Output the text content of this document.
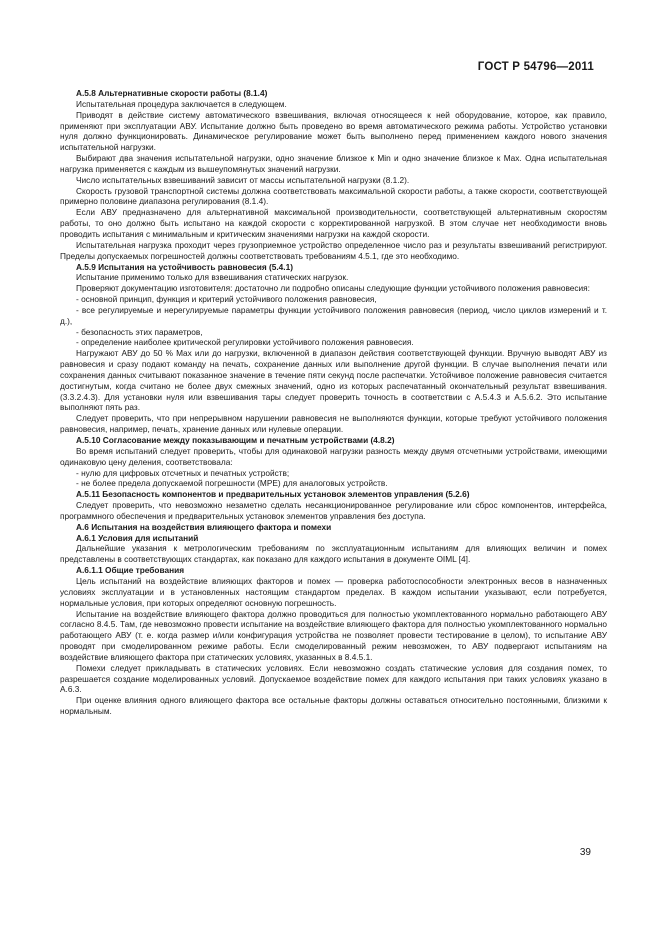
ГОСТ Р 54796—2011

A.5.8 Альтернативные скорости работы (8.1.4)

Испытательная процедура заключается в следующем.

Приводят в действие систему автоматического взвешивания, включая относящееся к ней оборудование, которое, как правило, применяют при эксплуатации АВУ. Испытание должно быть проведено во время автоматического режима работы. Устройство установки нуля должно функционировать. Динамическое регулирование может быть выполнено перед применением каждого нового значения испытательной нагрузки.

Выбирают два значения испытательной нагрузки, одно значение близкое к Min и одно значение близкое к Max. Одна испытательная нагрузка применяется с каждым из вышеупомянутых значений нагрузки.

Число испытательных взвешиваний зависит от массы испытательной нагрузки (8.1.2).

Скорость грузовой транспортной системы должна соответствовать максимальной скорости работы, а также скорости, соответствующей примерно половине диапазона регулирования (8.1.4).

Если АВУ предназначено для альтернативной максимальной производительности, соответствующей альтернативным скоростям работы, то оно должно быть испытано на каждой скорости с корректированной нагрузкой. В этом случае нет необходимости вновь проводить испытания с минимальным и критическим значениями нагрузки на каждой скорости.

Испытательная нагрузка проходит через грузоприемное устройство определенное число раз и результаты взвешиваний регистрируют. Пределы допускаемых погрешностей должны соответствовать требованиям 4.5.1, где это необходимо.

A.5.9 Испытания на устойчивость равновесия (5.4.1)

Испытание применимо только для взвешивания статических нагрузок.

Проверяют документацию изготовителя: достаточно ли подробно описаны следующие функции устойчивого положения равновесия:

- основной принцип, функция и критерий устойчивого положения равновесия,

- все регулируемые и нерегулируемые параметры функции устойчивого положения равновесия (период, число циклов измерений и т. д.),

- безопасность этих параметров,

- определение наиболее критической регулировки устойчивого положения равновесия.

Нагружают АВУ до 50 % Max или до нагрузки, включенной в диапазон действия соответствующей функции. Вручную выводят АВУ из равновесия и сразу подают команду на печать, сохранение данных или выполнение другой функции. В случае выполнения печати или сохранения данных считывают показанное значение в течение пяти секунд после распечатки. Устойчивое положение равновесия считается достигнутым, когда считано не более двух смежных значений, одно из которых распечатанный окончательный результат взвешивания. (3.3.2.4.3). Для установки нуля или взвешивания тары следует проверить точность в соответствии с А.5.4.3 и А.5.6.2. Это испытание выполняют пять раз.

Следует проверить, что при непрерывном нарушении равновесия не выполняются функции, которые требуют устойчивого положения равновесия, например, печать, хранение данных или нулевые операции.

A.5.10 Согласование между показывающим и печатным устройствами (4.8.2)

Во время испытаний следует проверить, чтобы для одинаковой нагрузки разность между двумя отсчетными устройствами, имеющими одинаковую цену деления, соответствовала:

- нулю для цифровых отсчетных и печатных устройств;

- не более предела допускаемой погрешности (MPE) для аналоговых устройств.

A.5.11 Безопасность компонентов и предварительных установок элементов управления (5.2.6)

Следует проверить, что невозможно незаметно сделать несанкционированное регулирование или сброс компонентов, интерфейса, программного обеспечения и предварительных установок элементов управления без доступа.

A.6 Испытания на воздействия влияющего фактора и помехи

A.6.1 Условия для испытаний

Дальнейшие указания к метрологическим требованиям по эксплуатационным испытаниям для влияющих величин и помех представлены в соответствующих стандартах, как показано для каждого испытания в документе OIML [4].

A.6.1.1 Общие требования

Цель испытаний на воздействие влияющих факторов и помех — проверка работоспособности электронных весов в назначенных условиях эксплуатации и в установленных настоящим стандартом пределах. В каждом испытании указывают, если потребуется, нормальные условия, при которых определяют основную погрешность.

Испытание на воздействие влияющего фактора должно проводиться для полностью укомплектованного нормально работающего АВУ согласно 8.4.5. Там, где невозможно провести испытание на воздействие влияющего фактора для полностью укомплектованного нормально работающего АВУ (т. е. когда размер и/или конфигурация устройства не позволяет провести тестирование в целом), то испытание АВУ проводят при смоделированном режиме работы. Если смоделированный режим невозможен, то АВУ подвергают испытаниям на воздействие влияющего фактора при статических условиях, указанных в 8.4.5.1.

Помехи следует прикладывать в статических условиях. Если невозможно создать статические условия для создания помех, то разрешается создание моделированных условий. Допускаемое воздействие помех для каждого испытания при таких условиях указано в А.6.3.

При оценке влияния одного влияющего фактора все остальные факторы должны оставаться относительно постоянными, близкими к нормальным.

39
